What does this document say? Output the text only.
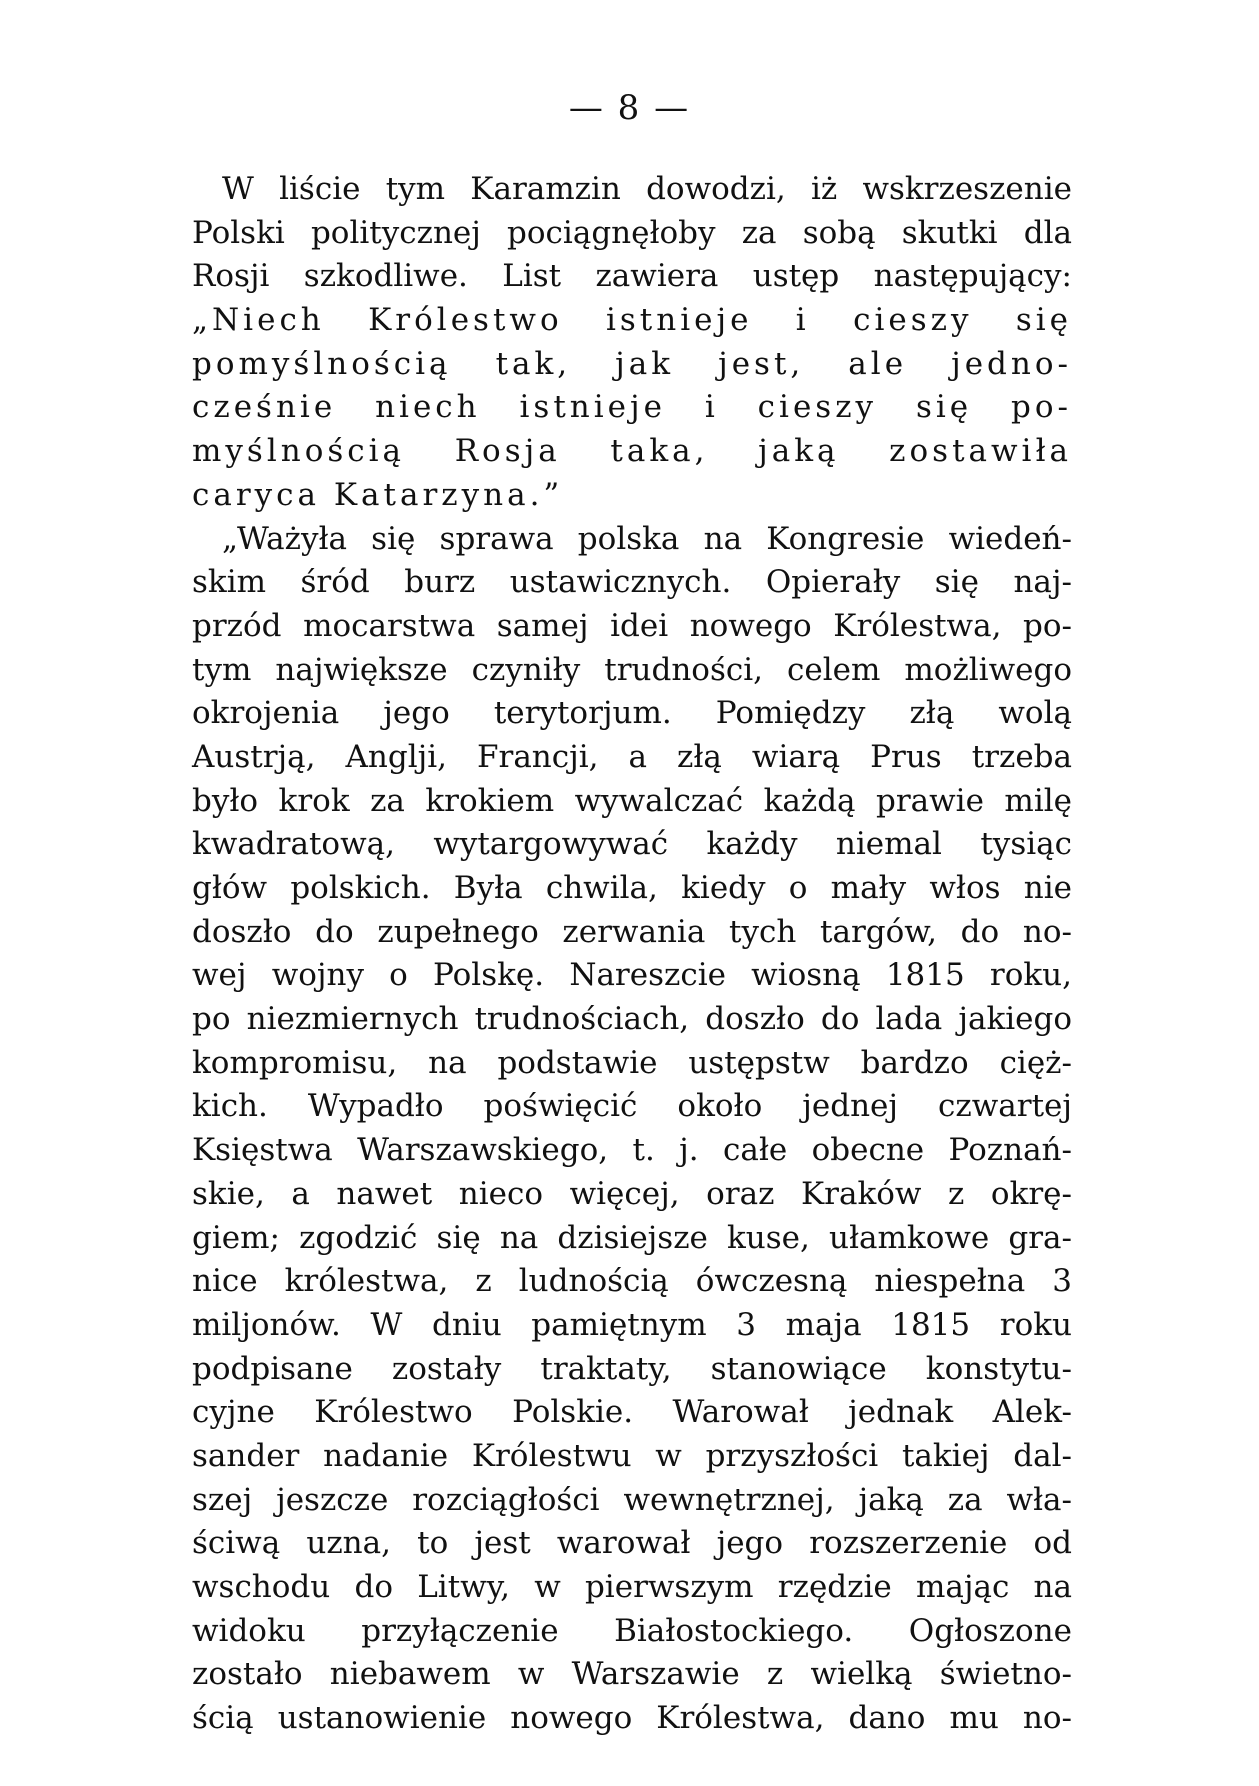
— 8 —
W liście tym Karamzin dowodzi, iż wskrzeszenie
Polski politycznej pociągnęłoby za sobą skutki dla
Rosji szkodliwe. List zawiera ustęp następujący:
„Niech Królestwo istnieje i cieszy się
pomyślnością tak, jak jest, ale jedno-
cześnie niech istnieje i cieszy się po-
myślnością Rosja taka, jaką zostawiła
caryca Katarzyna.”
„Ważyła się sprawa polska na Kongresie wiedeń-
skim śród burz ustawicznych. Opierały się naj-
przód mocarstwa samej idei nowego Królestwa, po-
tym największe czyniły trudności, celem możliwego
okrojenia jego terytorjum. Pomiędzy złą wolą
Austrją, Anglji, Francji, a złą wiarą Prus trzeba
było krok za krokiem wywalczać każdą prawie milę
kwadratową, wytargowywać każdy niemal tysiąc
głów polskich. Była chwila, kiedy o mały włos nie
doszło do zupełnego zerwania tych targów, do no-
wej wojny o Polskę. Nareszcie wiosną 1815 roku,
po niezmiernych trudnościach, doszło do lada jakiego
kompromisu, na podstawie ustępstw bardzo cięż-
kich. Wypadło poświęcić około jednej czwartej
Księstwa Warszawskiego, t. j. całe obecne Poznań-
skie, a nawet nieco więcej, oraz Kraków z okrę-
giem; zgodzić się na dzisiejsze kuse, ułamkowe gra-
nice królestwa, z ludnością ówczesną niespełna 3
miljonów. W dniu pamiętnym 3 maja 1815 roku
podpisane zostały traktaty, stanowiące konstytu-
cyjne Królestwo Polskie. Warował jednak Alek-
sander nadanie Królestwu w przyszłości takiej dal-
szej jeszcze rozciągłości wewnętrznej, jaką za wła-
ściwą uzna, to jest warował jego rozszerzenie od
wschodu do Litwy, w pierwszym rzędzie mając na
widoku przyłączenie Białostockiego. Ogłoszone
zostało niebawem w Warszawie z wielką świetno-
ścią ustanowienie nowego Królestwa, dano mu no-
